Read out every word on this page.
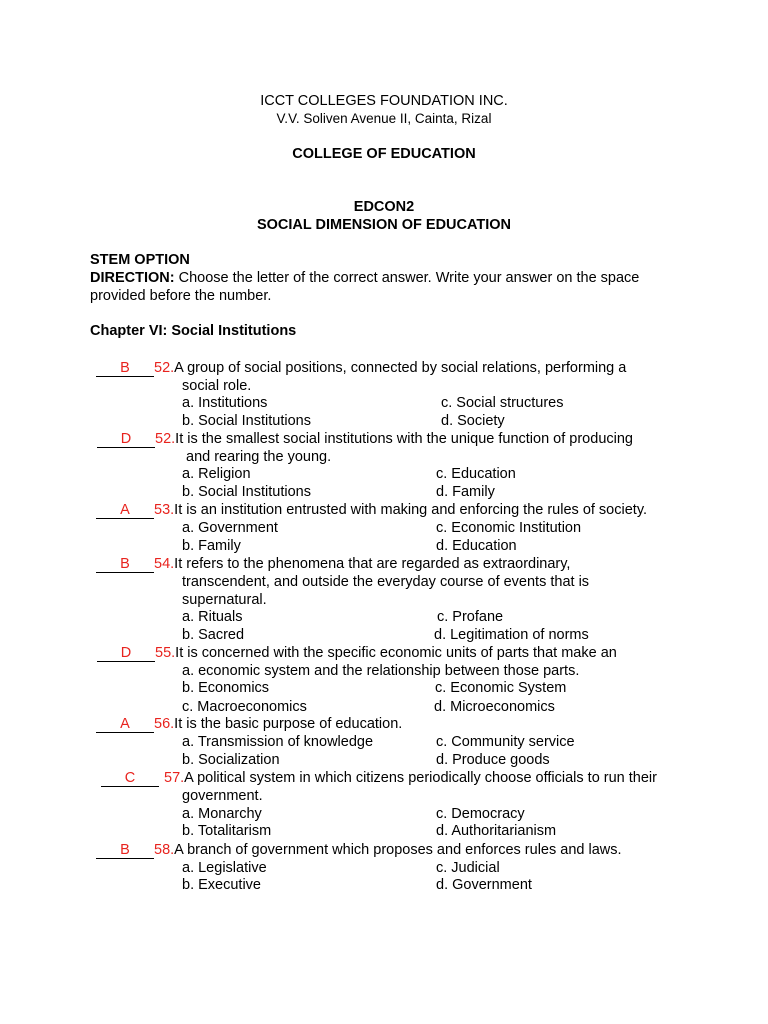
ICCT COLLEGES FOUNDATION INC.
V.V. Soliven Avenue II, Cainta, Rizal
COLLEGE OF EDUCATION
EDCON2
SOCIAL DIMENSION OF EDUCATION
STEM OPTION
DIRECTION: Choose the letter of the correct answer. Write your answer on the space
provided before the number.
Chapter VI: Social Institutions
B 52.A group of social positions, connected by social relations, performing a
social role.
a. Institutions
b. Social Institutions
c. Social structures
d. Society
D 52.It is the smallest social institutions with the unique function of producing
and rearing the young.
a. Religion
b. Social Institutions
c. Education
d. Family
A 53.It is an institution entrusted with making and enforcing the rules of society.
a. Government
b. Family
c. Economic Institution
d. Education
B 54.It refers to the phenomena that are regarded as extraordinary,
transcendent, and outside the everyday course of events that is
supernatural.
a. Rituals
b. Sacred
c. Profane
d. Legitimation of norms
D 55.It is concerned with the specific economic units of parts that make an
a. economic system and the relationship between those parts.
b. Economics
c. Macroeconomics
c. Economic System
d. Microeconomics
A 56.It is the basic purpose of education.
a. Transmission of knowledge
b. Socialization
c. Community service
d. Produce goods
C 57.A political system in which citizens periodically choose officials to run their
government.
a. Monarchy
b. Totalitarism
c. Democracy
d. Authoritarianism
B 58.A branch of government which proposes and enforces rules and laws.
a. Legislative
b. Executive
c. Judicial
d. Government
